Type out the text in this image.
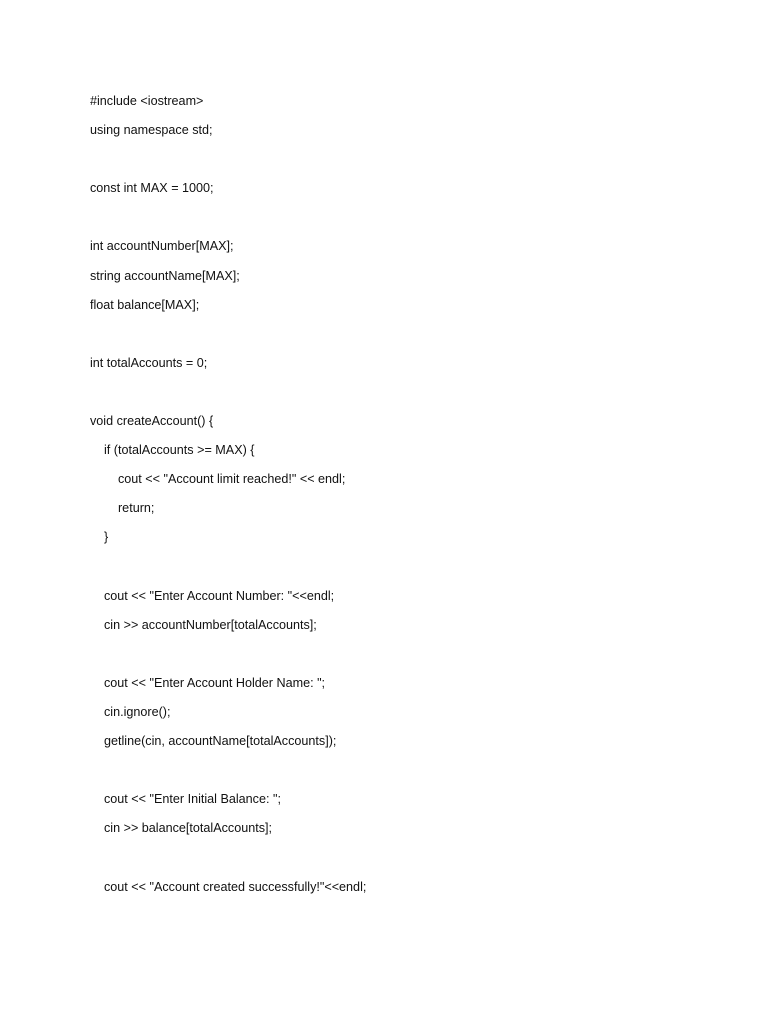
#include <iostream>
using namespace std;
const int MAX = 1000;
int accountNumber[MAX];
string accountName[MAX];
float balance[MAX];
int totalAccounts = 0;
void createAccount() {
if (totalAccounts >= MAX) {
cout << "Account limit reached!" << endl;
return;
}
cout << "Enter Account Number: "<<endl;
cin >> accountNumber[totalAccounts];
cout << "Enter Account Holder Name: ";
cin.ignore();
getline(cin, accountName[totalAccounts]);
cout << "Enter Initial Balance: ";
cin >> balance[totalAccounts];
cout << "Account created successfully!"<<endl;
